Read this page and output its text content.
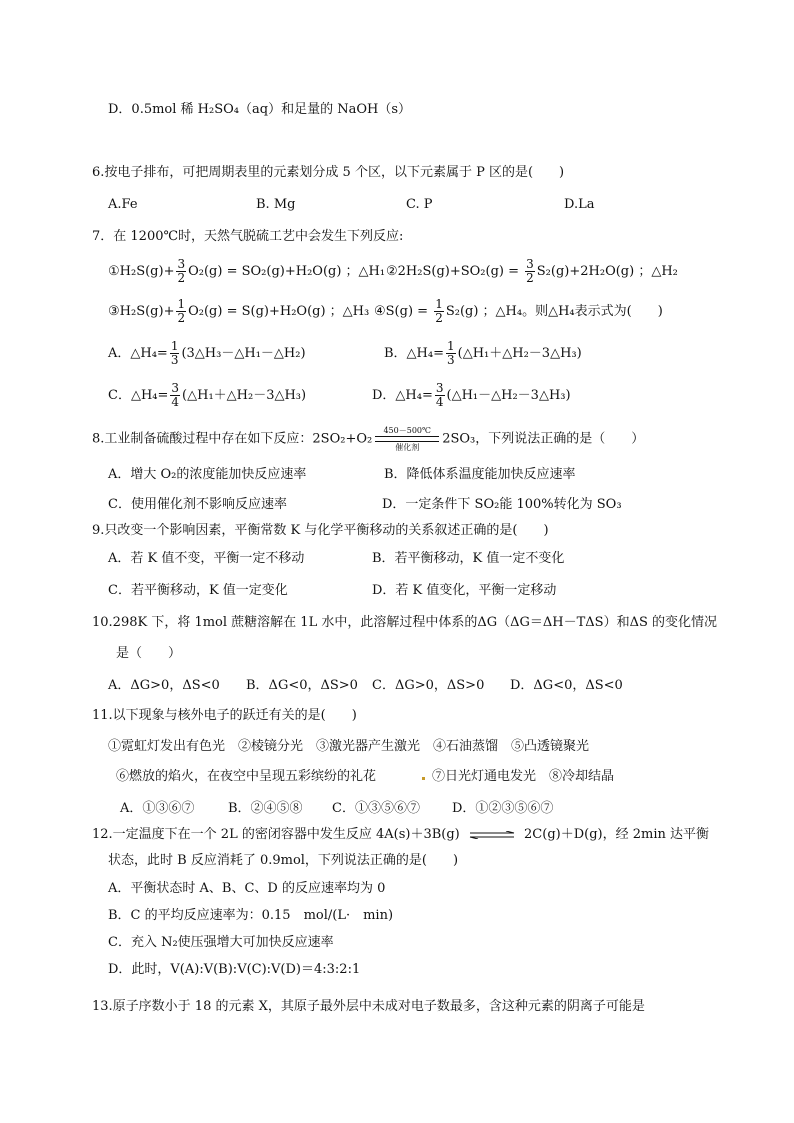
D．0.5mol 稀 H₂SO₄（aq）和足量的 NaOH（s）
6.按电子排布，可把周期表里的元素划分成 5 个区，以下元素属于 P 区的是(　　)
A.Fe	B. Mg	C. P	D.La
7．在 1200℃时，天然气脱硫工艺中会发生下列反应:
①H₂S(g)+ $\frac{3}{2} O_2(g) = SO_2(g)+H_2O(g)$ ；△H₁ ②2H₂S(g)+SO₂(g) = $\frac{3}{2} S_2(g)+2H_2O(g)$ ；△H₂
③H₂S(g)+ $\frac{1}{2} O_2(g) = S(g)+H_2O(g)$ ；△H₃ ④S(g) = $\frac{1}{2} S_2(g)$ ；△H₄。则△H₄表示式为(　　)
A．△H₄= $\frac{1}{3}$ (3△H₃－△H₁－△H₂)	B．△H₄= $\frac{1}{3}$ (△H₁＋△H₂－3△H₃)
C．△H₄= $\frac{3}{4}$ (△H₁＋△H₂－3△H₃)	D．△H₄= $\frac{3}{4}$ (△H₁－△H₂－3△H₃)
8.工业制备硫酸过程中存在如下反应：2SO₂+O₂
450－500℃
催化剂
2SO₃，下列说法正确的是（　　）
A．增大 O₂的浓度能加快反应速率	B．降低体系温度能加快反应速率
C．使用催化剂不影响反应速率	D．一定条件下 SO₂能 100%转化为 SO₃
9.只改变一个影响因素，平衡常数 K 与化学平衡移动的关系叙述正确的是(　　)
A．若 K 值不变，平衡一定不移动	B．若平衡移动，K 值一定不变化
C．若平衡移动，K 值一定变化	D．若 K 值变化，平衡一定移动
10.298K 下，将 1mol 蔗糖溶解在 1L 水中，此溶解过程中体系的ΔG（ΔG＝ΔH－TΔS）和ΔS 的变化情况
是（　　）
A．ΔG>0，ΔS<0 B．ΔG<0，ΔS>0 C．ΔG>0，ΔS>0 D．ΔG<0，ΔS<0
11.以下现象与核外电子的跃迁有关的是(　　)
①霓虹灯发出有色光　②棱镜分光　③激光器产生激光　④石油蒸馏　⑤凸透镜聚光
⑥燃放的焰火，在夜空中呈现五彩缤纷的礼花	⑦日光灯通电发光　⑧冷却结晶
A．①③⑥⑦	B．②④⑤⑧ C．①③⑤⑥⑦ D．①②③⑤⑥⑦
12.一定温度下在一个 2L 的密闭容器中发生反应 4A(s)＋3B(g) ⇌ 2C(g)＋D(g)，经 2min 达平衡
状态，此时 B 反应消耗了 0.9mol，下列说法正确的是(　　)
A．平衡状态时 A、B、C、D 的反应速率均为 0
B．C 的平均反应速率为：0.15　mol/(L·　min)
C．充入 N₂使压强增大可加快反应速率
D．此时，V(A):V(B):V(C):V(D)＝4:3:2:1
13.原子序数小于 18 的元素 X，其原子最外层中未成对电子数最多，含这种元素的阴离子可能是
